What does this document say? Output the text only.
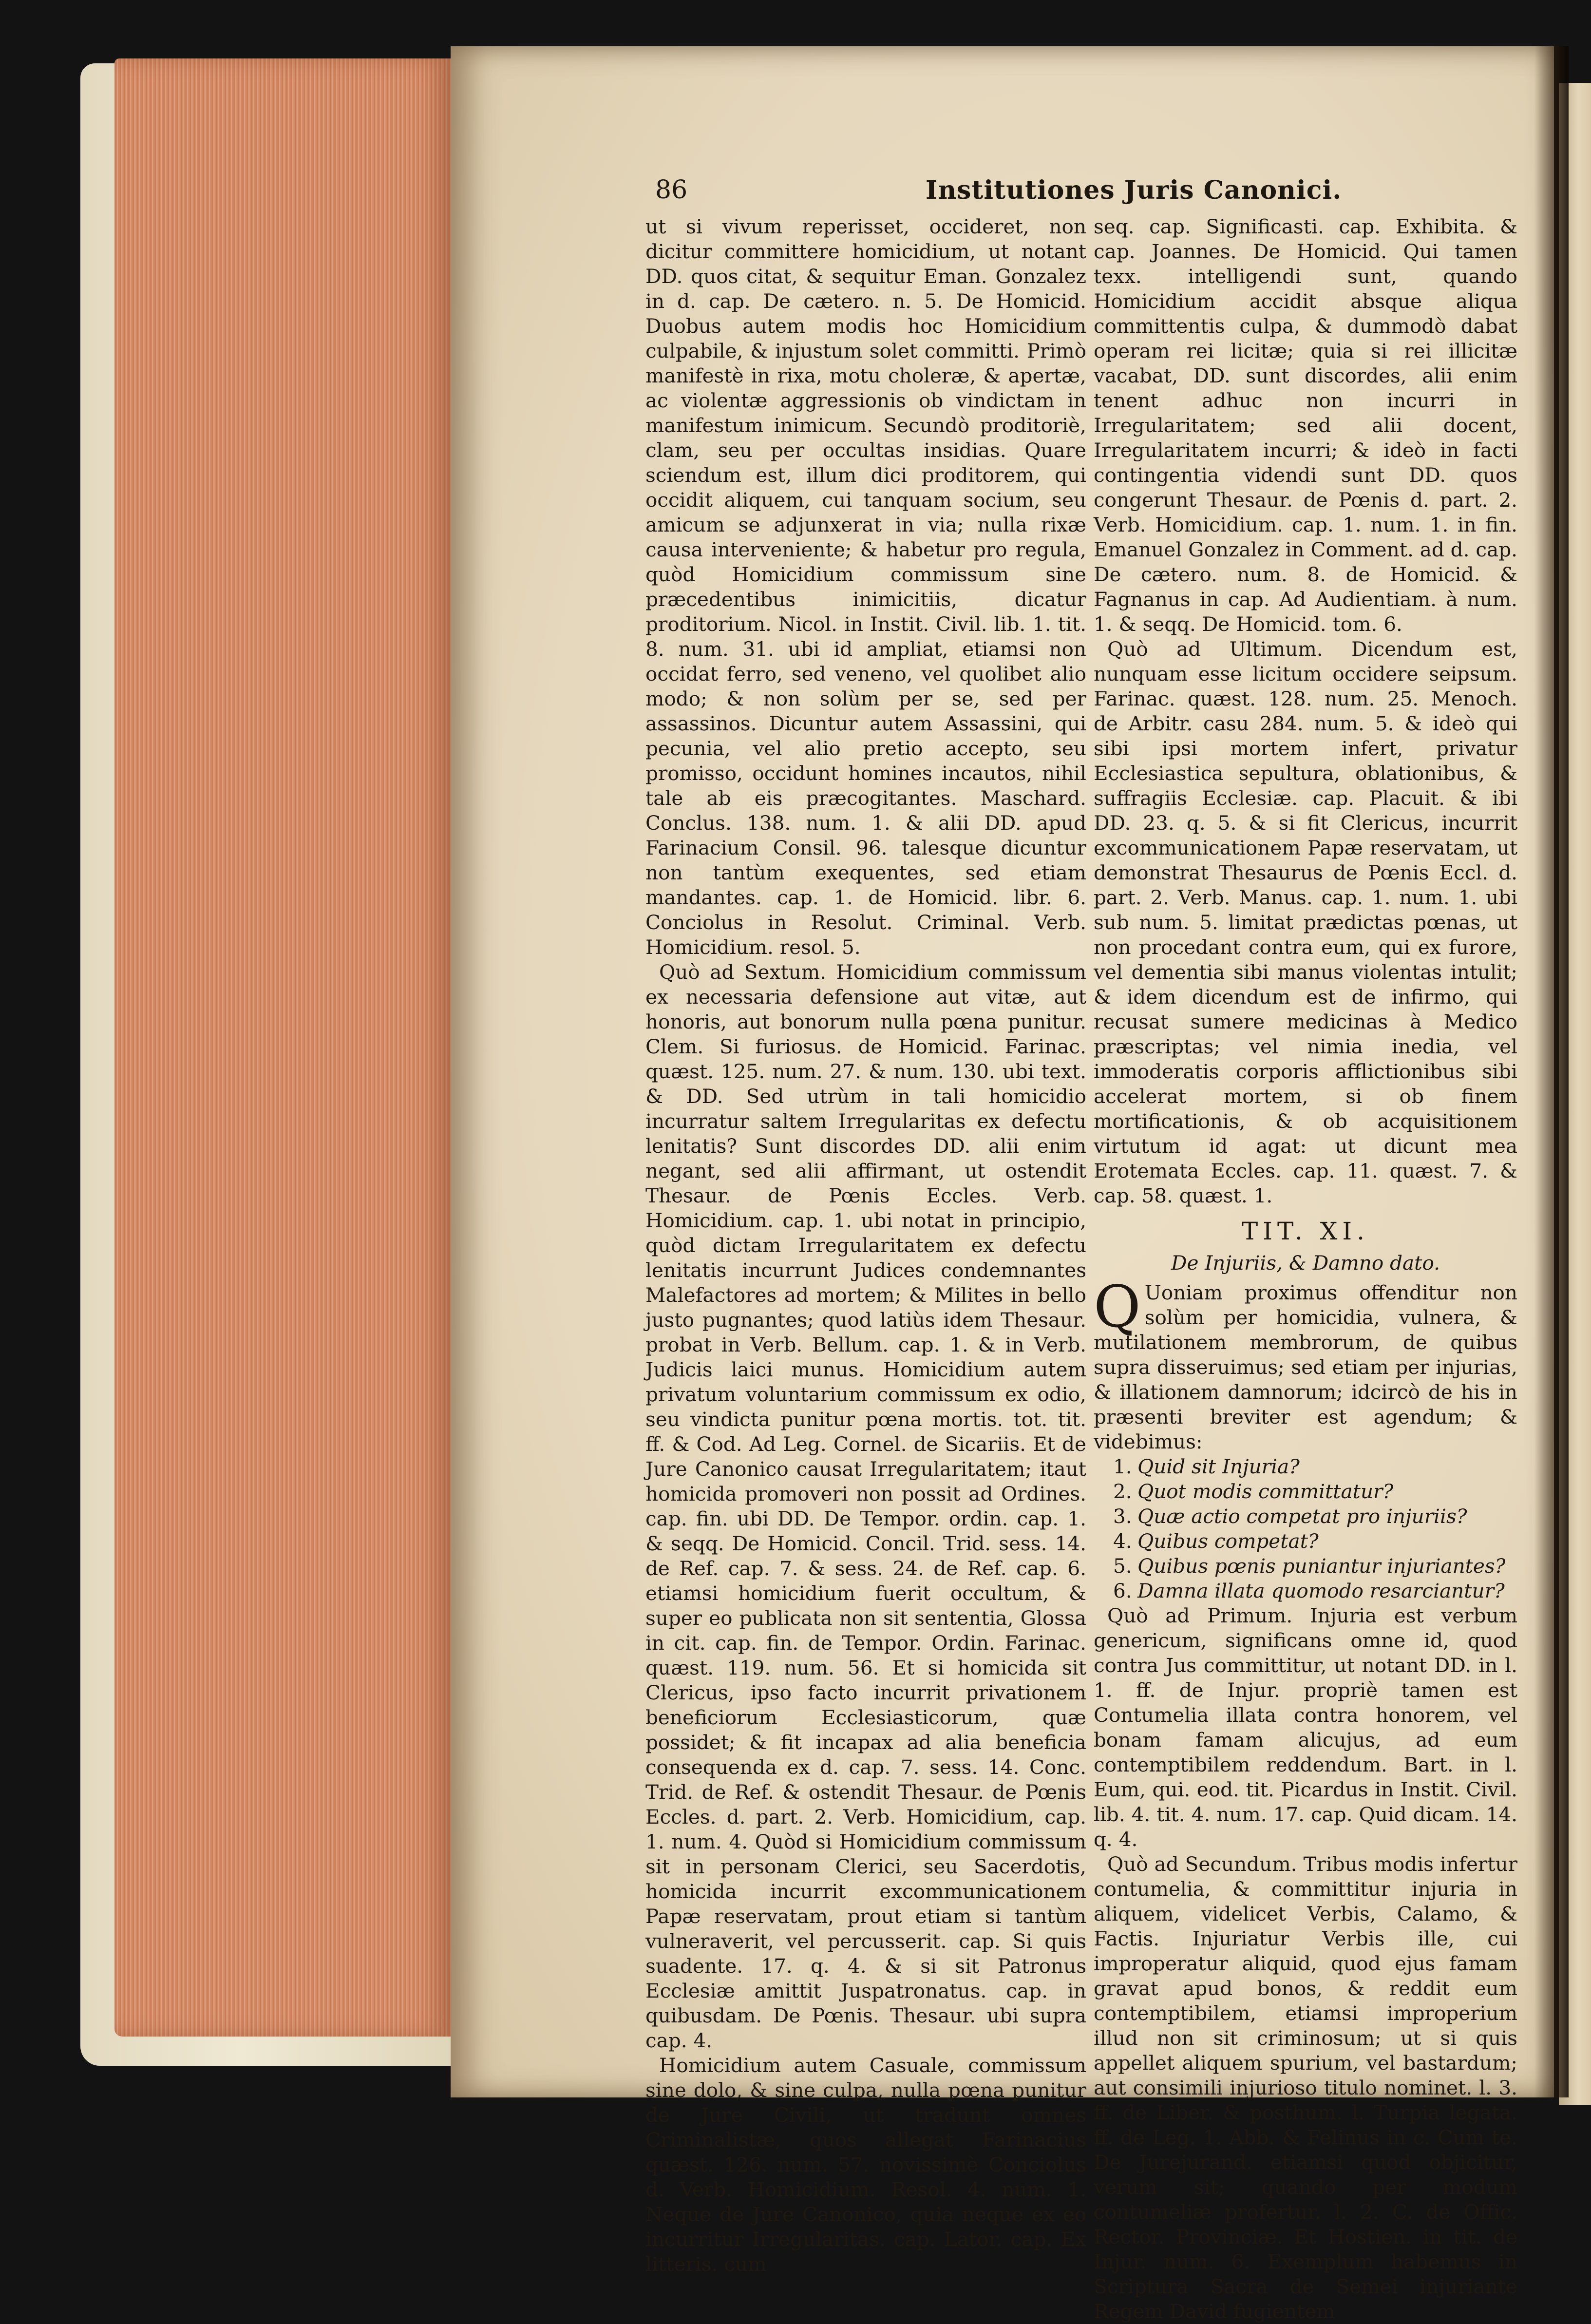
86	Institutiones Juris Canonici.

ut si vivum reperisset, occideret, non dicitur committere homicidium, ut notant DD. quos citat, & sequitur Eman. Gonzalez in d. cap. De cætero. n. 5. De Homicid. Duobus autem modis hoc Homicidium culpabile, & injustum solet committi. Primò manifestè in rixa, motu choleræ, & apertæ, ac violentæ aggressionis ob vindictam in manifestum inimicum. Secundò proditoriè, clam, seu per occultas insidias. Quare sciendum est, illum dici proditorem, qui occidit aliquem, cui tanquam socium, seu amicum se adjunxerat in via; nulla rixæ causa interveniente; & habetur pro regula, quòd Homicidium commissum sine præcedentibus inimicitiis, dicatur proditorium. Nicol. in Instit. Civil. lib. 1. tit. 8. num. 31. ubi id ampliat, etiamsi non occidat ferro, sed veneno, vel quolibet alio modo; & non solùm per se, sed per assassinos. Dicuntur autem Assassini, qui pecunia, vel alio pretio accepto, seu promisso, occidunt homines incautos, nihil tale ab eis præcogitantes. Maschard. Conclus. 138. num. 1. & alii DD. apud Farinacium Consil. 96. talesque dicuntur non tantùm exequentes, sed etiam mandantes. cap. 1. de Homicid. libr. 6. Conciolus in Resolut. Criminal. Verb. Homicidium. resol. 5.

Quò ad Sextum. Homicidium commissum ex necessaria defensione aut vitæ, aut honoris, aut bonorum nulla pœna punitur. Clem. Si furiosus. de Homicid. Farinac. quæst. 125. num. 27. & num. 130. ubi text. & DD. Sed utrùm in tali homicidio incurratur saltem Irregularitas ex defectu lenitatis? Sunt discordes DD. alii enim negant, sed alii affirmant, ut ostendit Thesaur. de Pœnis Eccles. Verb. Homicidium. cap. 1. ubi notat in principio, quòd dictam Irregularitatem ex defectu lenitatis incurrunt Judices condemnantes Malefactores ad mortem; & Milites in bello justo pugnantes; quod latiùs idem Thesaur. probat in Verb. Bellum. cap. 1. & in Verb. Judicis laici munus. Homicidium autem privatum voluntarium commissum ex odio, seu vindicta punitur pœna mortis. tot. tit. ff. & Cod. Ad Leg. Cornel. de Sicariis. Et de Jure Canonico causat Irregularitatem; itaut homicida promoveri non possit ad Ordines. cap. fin. ubi DD. De Tempor. ordin. cap. 1. & seqq. De Homicid. Concil. Trid. sess. 14. de Ref. cap. 7. & sess. 24. de Ref. cap. 6. etiamsi homicidium fuerit occultum, & super eo publicata non sit sententia, Glossa in cit. cap. fin. de Tempor. Ordin. Farinac. quæst. 119. num. 56. Et si homicida sit Clericus, ipso facto incurrit privationem beneficiorum Ecclesiasticorum, quæ possidet; & fit incapax ad alia beneficia consequenda ex d. cap. 7. sess. 14. Conc. Trid. de Ref. & ostendit Thesaur. de Pœnis Eccles. d. part. 2. Verb. Homicidium, cap. 1. num. 4. Quòd si Homicidium commissum sit in personam Clerici, seu Sacerdotis, homicida incurrit excommunicationem Papæ reservatam, prout etiam si tantùm vulneraverit, vel percusserit. cap. Si quis suadente. 17. q. 4. & si sit Patronus Ecclesiæ amittit Juspatronatus. cap. in quibusdam. De Pœnis. Thesaur. ubi supra cap. 4.

Homicidium autem Casuale, commissum sine dolo, & sine culpa, nulla pœna punitur de Jure Civili, ut tradunt omnes Criminalistæ, quos allegat Farinacius quæst. 126. num. 57. novissimè Conciolus d. Verb. Homicidium. Resol. 4. num. 1. Neque de Jure Canonico, quia neque ex eo incurritur Irregularitas. cap. Lator. cap. Ex litteris. cum

seq. cap. Significasti. cap. Exhibita. & cap. Joannes. De Homicid. Qui tamen texx. intelligendi sunt, quando Homicidium accidit absque aliqua committentis culpa, & dummodò dabat operam rei licitæ; quia si rei illicitæ vacabat, DD. sunt discordes, alii enim tenent adhuc non incurri in Irregularitatem; sed alii docent, Irregularitatem incurri; & ideò in facti contingentia videndi sunt DD. quos congerunt Thesaur. de Pœnis d. part. 2. Verb. Homicidium. cap. 1. num. 1. in fin. Emanuel Gonzalez in Comment. ad d. cap. De cætero. num. 8. de Homicid. & Fagnanus in cap. Ad Audientiam. à num. 1. & seqq. De Homicid. tom. 6.

Quò ad Ultimum. Dicendum est, nunquam esse licitum occidere seipsum. Farinac. quæst. 128. num. 25. Menoch. de Arbitr. casu 284. num. 5. & ideò qui sibi ipsi mortem infert, privatur Ecclesiastica sepultura, oblationibus, & suffragiis Ecclesiæ. cap. Placuit. & ibi DD. 23. q. 5. & si fit Clericus, incurrit excommunicationem Papæ reservatam, ut demonstrat Thesaurus de Pœnis Eccl. d. part. 2. Verb. Manus. cap. 1. num. 1. ubi sub num. 5. limitat prædictas pœnas, ut non procedant contra eum, qui ex furore, vel dementia sibi manus violentas intulit; & idem dicendum est de infirmo, qui recusat sumere medicinas à Medico præscriptas; vel nimia inedia, vel immoderatis corporis afflictionibus sibi accelerat mortem, si ob finem mortificationis, & ob acquisitionem virtutum id agat: ut dicunt mea Erotemata Eccles. cap. 11. quæst. 7. & cap. 58. quæst. 1.

TIT. XI.
De Injuriis, & Damno dato.

Q Uoniam proximus offenditur non solùm per homicidia, vulnera, & mutilationem membrorum, de quibus supra disseruimus; sed etiam per injurias, & illationem damnorum; idcircò de his in præsenti breviter est agendum; & videbimus:

1. Quid sit Injuria?
2. Quot modis committatur?
3. Quæ actio competat pro injuriis?
4. Quibus competat?
5. Quibus pœnis puniantur injuriantes?
6. Damna illata quomodo resarciantur?

Quò ad Primum. Injuria est verbum genericum, significans omne id, quod contra Jus committitur, ut notant DD. in l. 1. ff. de Injur. propriè tamen est Contumelia illata contra honorem, vel bonam famam alicujus, ad eum contemptibilem reddendum. Bart. in l. Eum, qui. eod. tit. Picardus in Instit. Civil. lib. 4. tit. 4. num. 17. cap. Quid dicam. 14. q. 4.

Quò ad Secundum. Tribus modis infertur contumelia, & committitur injuria in aliquem, videlicet Verbis, Calamo, & Factis. Injuriatur Verbis ille, cui improperatur aliquid, quod ejus famam gravat apud bonos, & reddit eum contemptibilem, etiamsi improperium illud non sit criminosum; ut si quis appellet aliquem spurium, vel bastardum; aut consimili injurioso titulo nominet. l. 3. ff. de Liber. & posthum. l. Turpia legata. ff. de Leg. 1. Abb. & Felinus in c. Cum te. De Jurejurand. etiamsi quod objicitur, verum sit; quando per modum contumeliæ profertur. l. 2. C. de Offic. Rector. Provinciæ. Et Hostien. in tit. de Injur. num. 6. Exemplum habemus in Scriptura Sacra de Semei injuriante Regem David fugientem
